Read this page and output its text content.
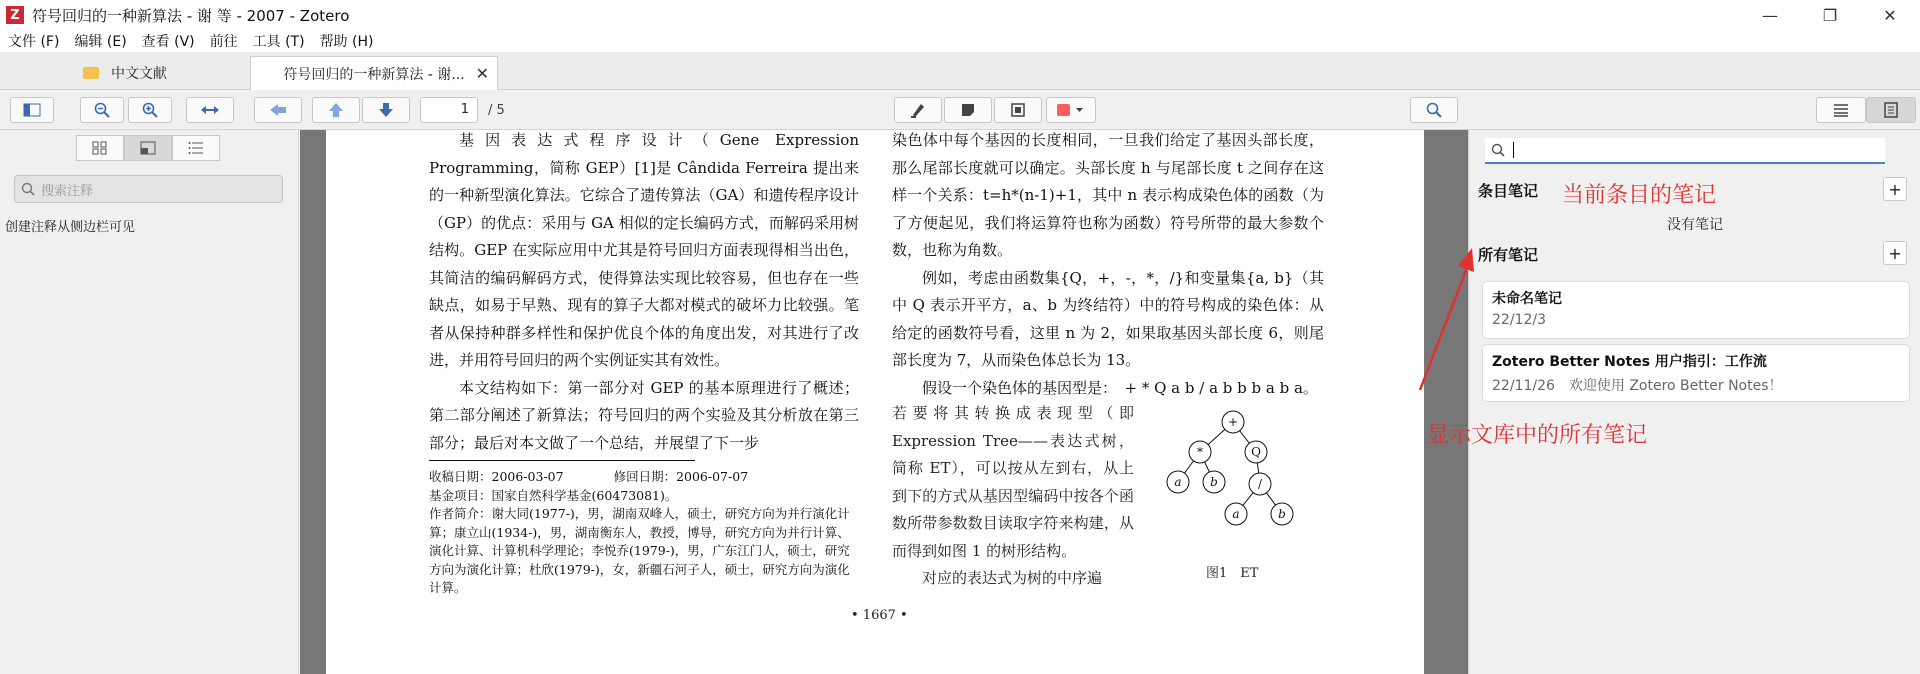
Z 符号回归的一种新算法 - 谢 等 - 2007 - Zotero	—	❐	✕
文件 (F) 编辑 (E) 查看 (V) 前往 工具 (T) 帮助 (H)
中文文献	符号回归的一种新算法 - 谢... ✕
1	/ 5
搜索注释
创建注释从侧边栏可见

基因表达式程序设计（Gene Expression Programming，简称 GEP）[1]是 Cândida Ferreira 提出来的一种新型演化算法。它综合了遗传算法（GA）和遗传程序设计（GP）的优点：采用与 GA 相似的定长编码方式，而解码采用树结构。GEP 在实际应用中尤其是符号回归方面表现得相当出色，其简洁的编码解码方式，使得算法实现比较容易，但也存在一些缺点，如易于早熟、现有的算子大都对模式的破坏力比较强。笔者从保持种群多样性和保护优良个体的角度出发，对其进行了改进，并用符号回归的两个实例证实其有效性。

本文结构如下：第一部分对 GEP 的基本原理进行了概述；第二部分阐述了新算法；符号回归的两个实验及其分析放在第三部分；最后对本文做了一个总结，并展望了下一步

收稿日期：2006-03-07　　　　修回日期：2006-07-07
基金项目：国家自然科学基金(60473081)。
作者简介：谢大同(1977-)，男，湖南双峰人，硕士，研究方向为并行演化计算；康立山(1934-)，男，湖南衡东人，教授，博导，研究方向为并行计算、演化计算、计算机科学理论；李悦乔(1979-)，男，广东江门人，硕士，研究方向为演化计算；杜欣(1979-)，女，新疆石河子人，硕士，研究方向为演化计算。
• 1667 •

染色体中每个基因的长度相同，一旦我们给定了基因头部长度，那么尾部长度就可以确定。头部长度 h 与尾部长度 t 之间存在这样一个关系：t=h*(n-1)+1，其中 n 表示构成染色体的函数（为了方便起见，我们将运算符也称为函数）符号所带的最大参数个数，也称为角数。

例如，考虑由函数集{Q，+，-，*，/}和变量集{a, b}（其中 Q 表示开平方，a、b 为终结符）中的符号构成的染色体：从给定的函数符号看，这里 n 为 2，如果取基因头部长度 6，则尾部长度为 7，从而染色体总长为 13。

假设一个染色体的基因型是：　+ * Q a b / a b b b a b a。

若要将其转换成表现型（即 Expression Tree——表达式树，简称 ET），可以按从左到右，从上到下的方式从基因型编码中按各个函数所带参数数目读取字符来构建，从而得到如图 1 的树形结构。

对应的表达式为树的中序遍

+
*	Q
a b	/
a	b
图1　ET
条目笔记	+
没有笔记
所有笔记	+
未命名笔记
22/12/3
Zotero Better Notes 用户指引：工作流
22/11/26　欢迎使用 Zotero Better Notes！
当前条目的笔记
显示文库中的所有笔记
